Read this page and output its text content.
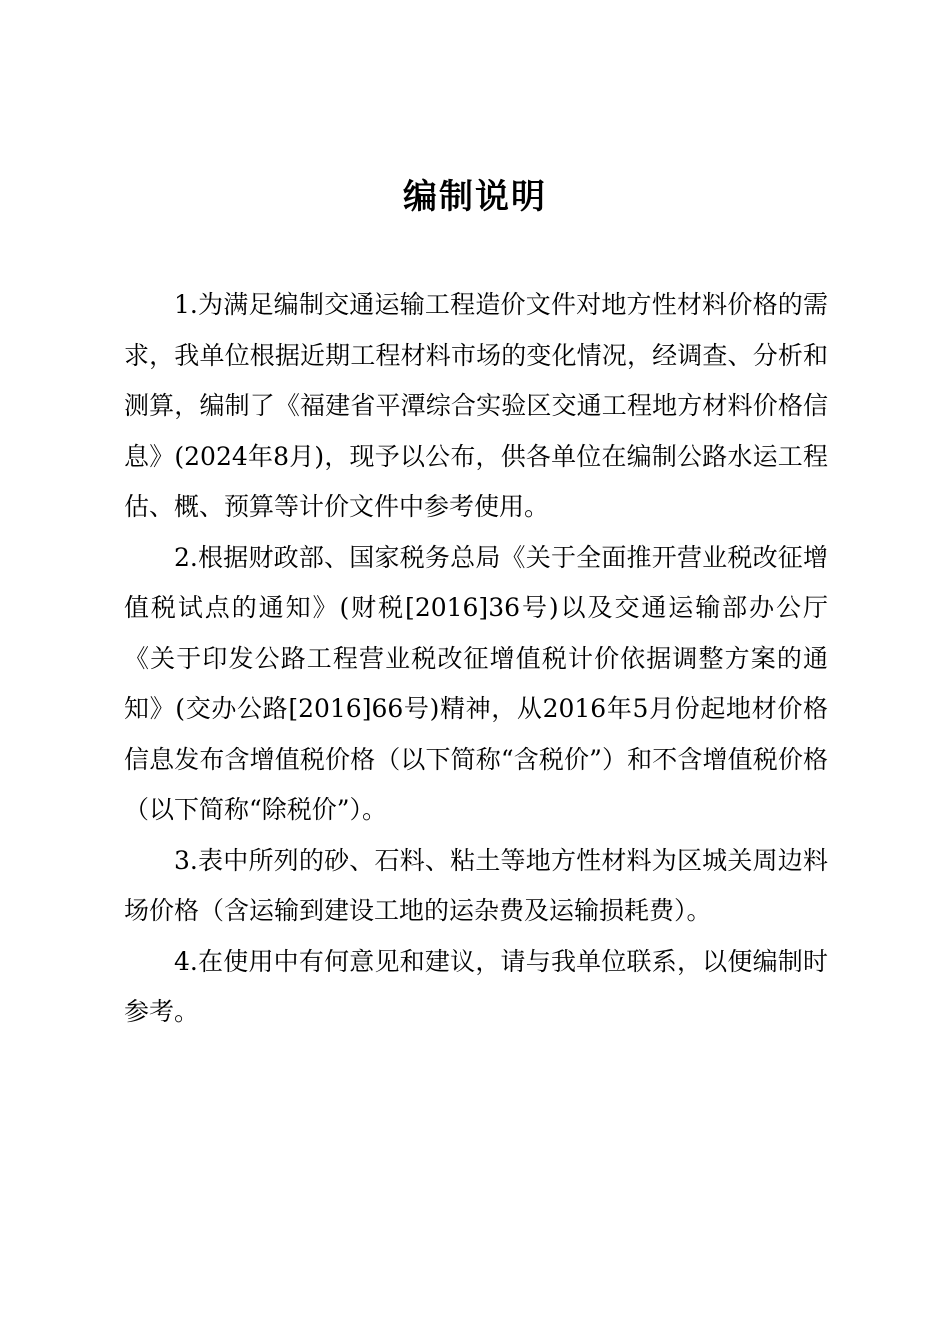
编制说明

1.为满足编制交通运输工程造价文件对地方性材料价格的需求，我单位根据近期工程材料市场的变化情况，经调查、分析和测算，编制了《福建省平潭综合实验区交通工程地方材料价格信息》(2024年8月)，现予以公布，供各单位在编制公路水运工程估、概、预算等计价文件中参考使用。

2.根据财政部、国家税务总局《关于全面推开营业税改征增值税试点的通知》(财税[2016]36号)以及交通运输部办公厅《关于印发公路工程营业税改征增值税计价依据调整方案的通知》(交办公路[2016]66号)精神，从2016年5月份起地材价格信息发布含增值税价格（以下简称“含税价”）和不含增值税价格（以下简称“除税价”）。

3.表中所列的砂、石料、粘土等地方性材料为区城关周边料场价格（含运输到建设工地的运杂费及运输损耗费）。

4.在使用中有何意见和建议，请与我单位联系，以便编制时参考。
